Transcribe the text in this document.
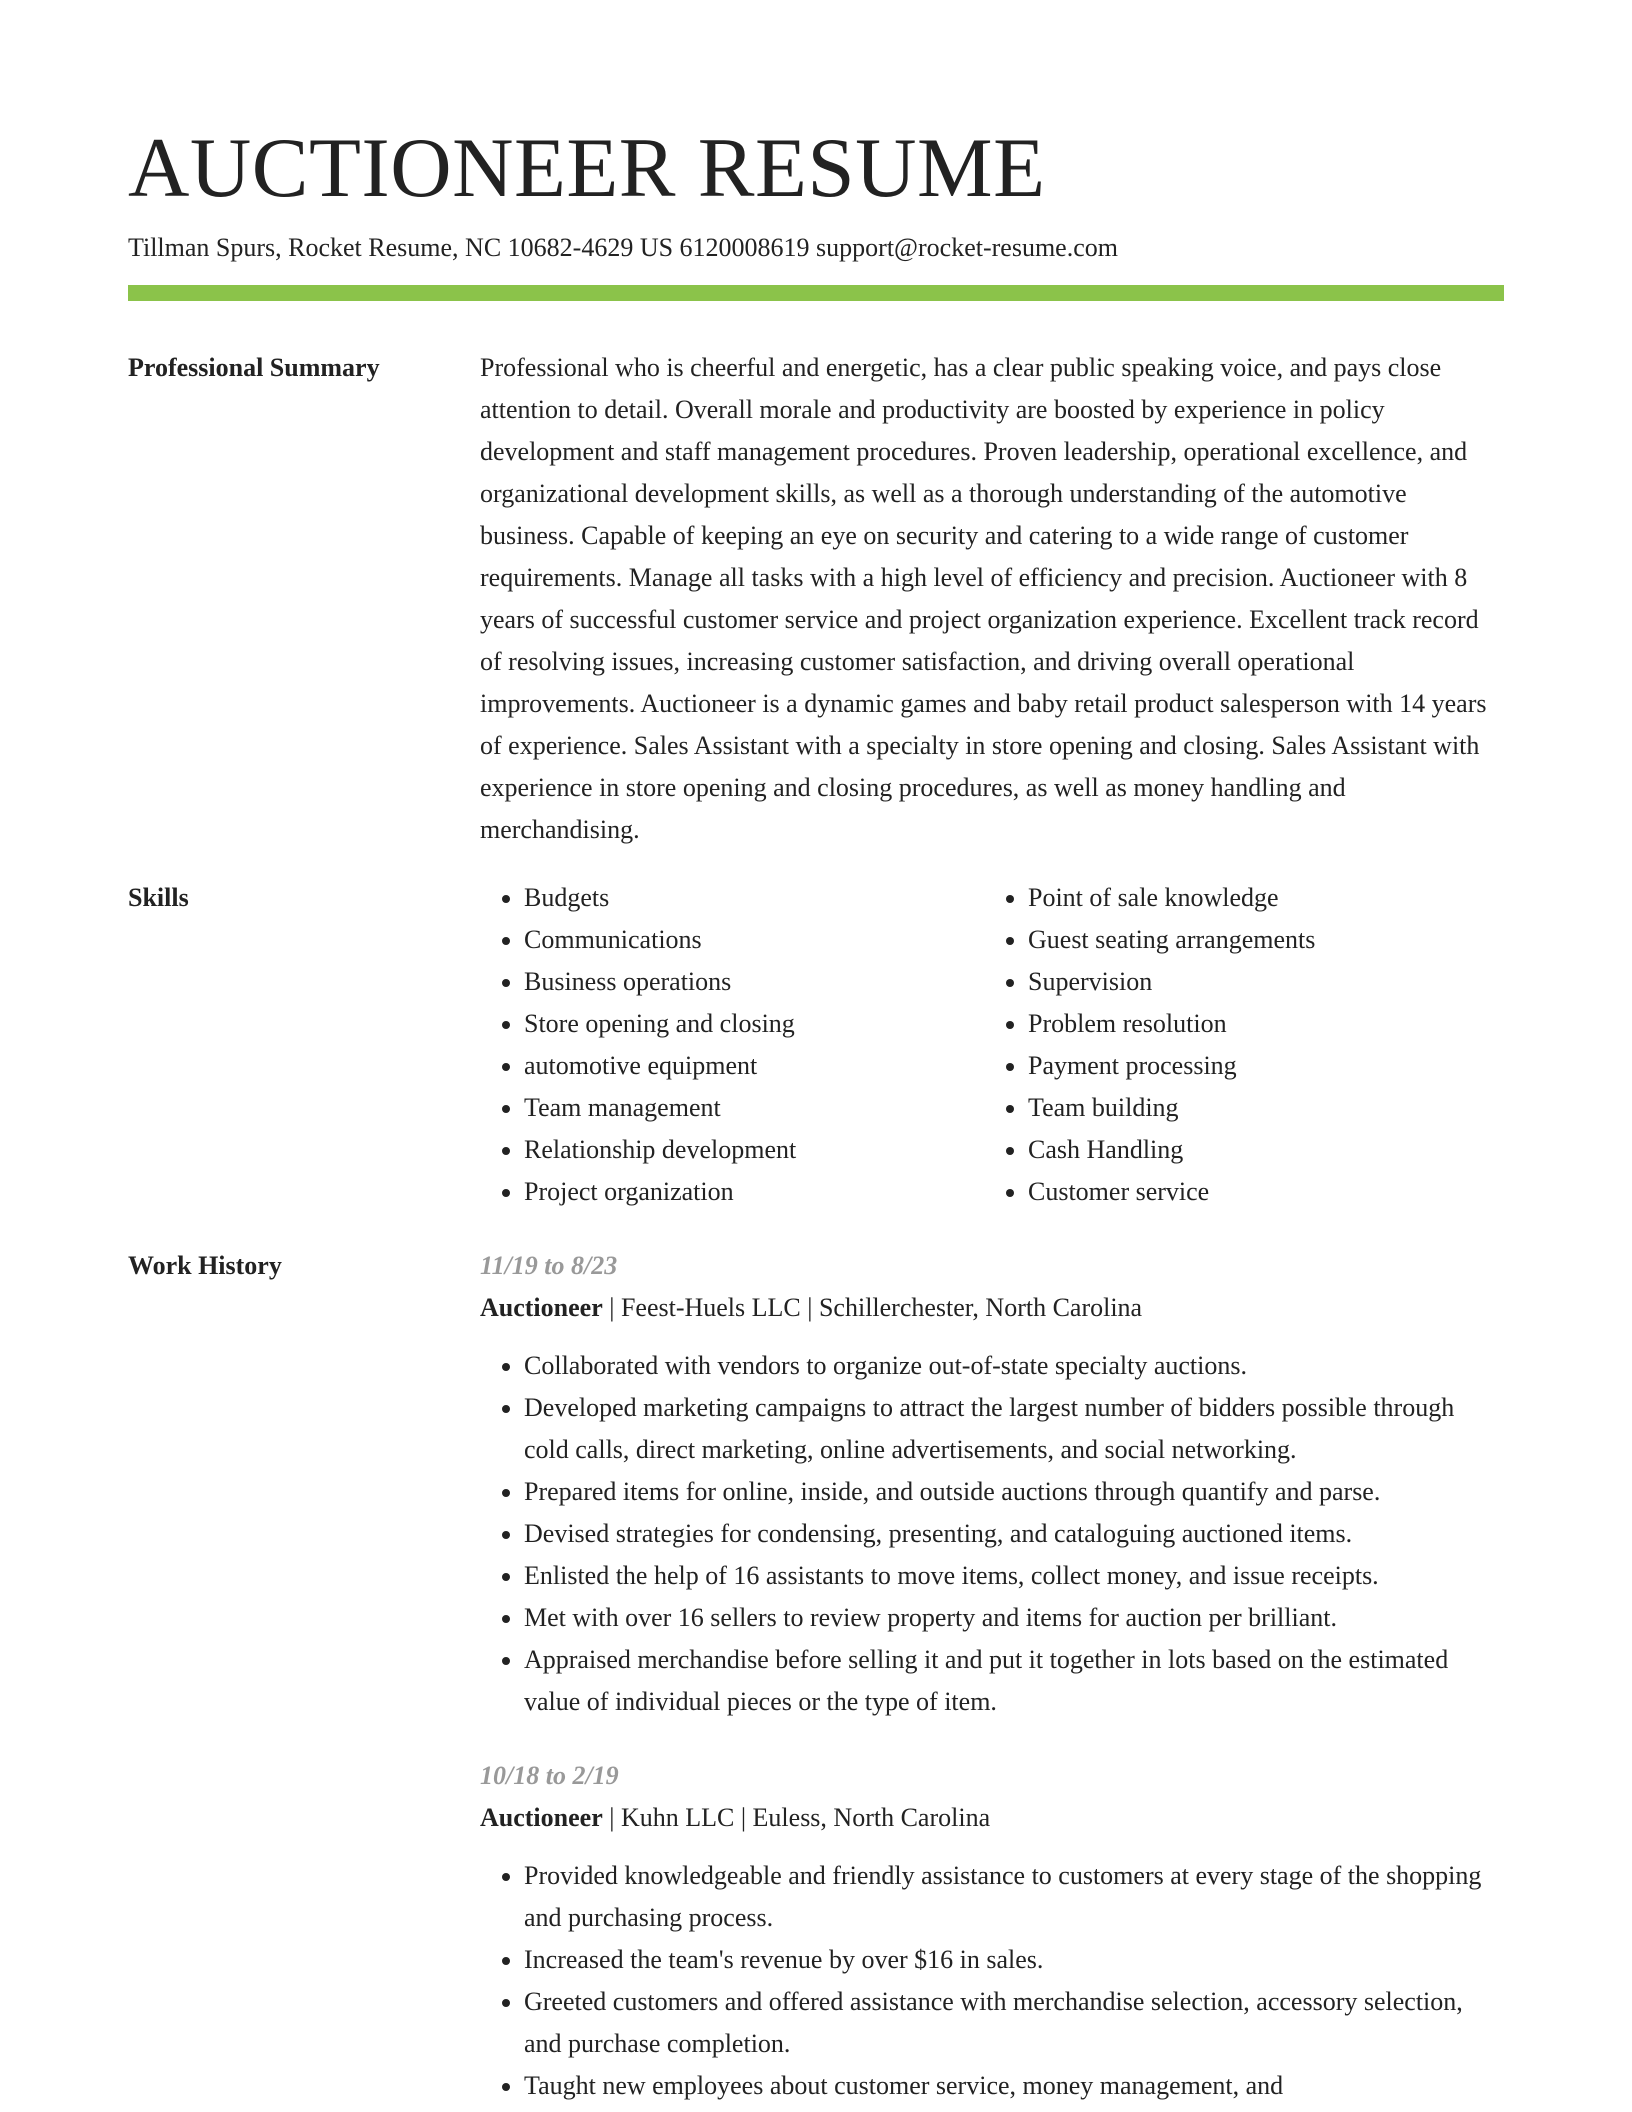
AUCTIONEER RESUME
Tillman Spurs, Rocket Resume, NC 10682-4629 US 6120008619 support@rocket-resume.com
Professional Summary	Professional who is cheerful and energetic, has a clear public speaking voice, and pays close attention to detail. Overall morale and productivity are boosted by experience in policy development and staff management procedures. Proven leadership, operational excellence, and organizational development skills, as well as a thorough understanding of the automotive business. Capable of keeping an eye on security and catering to a wide range of customer requirements. Manage all tasks with a high level of efficiency and precision. Auctioneer with 8 years of successful customer service and project organization experience. Excellent track record of resolving issues, increasing customer satisfaction, and driving overall operational improvements. Auctioneer is a dynamic games and baby retail product salesperson with 14 years of experience. Sales Assistant with a specialty in store opening and closing. Sales Assistant with experience in store opening and closing procedures, as well as money handling and merchandising.

Skills
•	Budgets
• Communications
• Business operations
• Store opening and closing
• automotive equipment
• Team management
• Relationship development
• Project organization
• Point of sale knowledge
• Guest seating arrangements
• Supervision
• Problem resolution
• Payment processing
• Team building
• Cash Handling
• Customer service
Work History	11/19 to 8/23
Auctioneer | Feest-Huels LLC | Schillerchester, North Carolina
• Collaborated with vendors to organize out-of-state specialty auctions.
• Developed marketing campaigns to attract the largest number of bidders possible through cold calls, direct marketing, online advertisements, and social networking.
• Prepared items for online, inside, and outside auctions through quantify and parse.
• Devised strategies for condensing, presenting, and cataloguing auctioned items.
• Enlisted the help of 16 assistants to move items, collect money, and issue receipts.
• Met with over 16 sellers to review property and items for auction per brilliant.
• Appraised merchandise before selling it and put it together in lots based on the estimated value of individual pieces or the type of item.
10/18 to 2/19
Auctioneer | Kuhn LLC | Euless, North Carolina
• Provided knowledgeable and friendly assistance to customers at every stage of the shopping and purchasing process.
• Increased the team's revenue by over $16 in sales.
• Greeted customers and offered assistance with merchandise selection, accessory selection, and purchase completion.
• Taught new employees about customer service, money management, and
